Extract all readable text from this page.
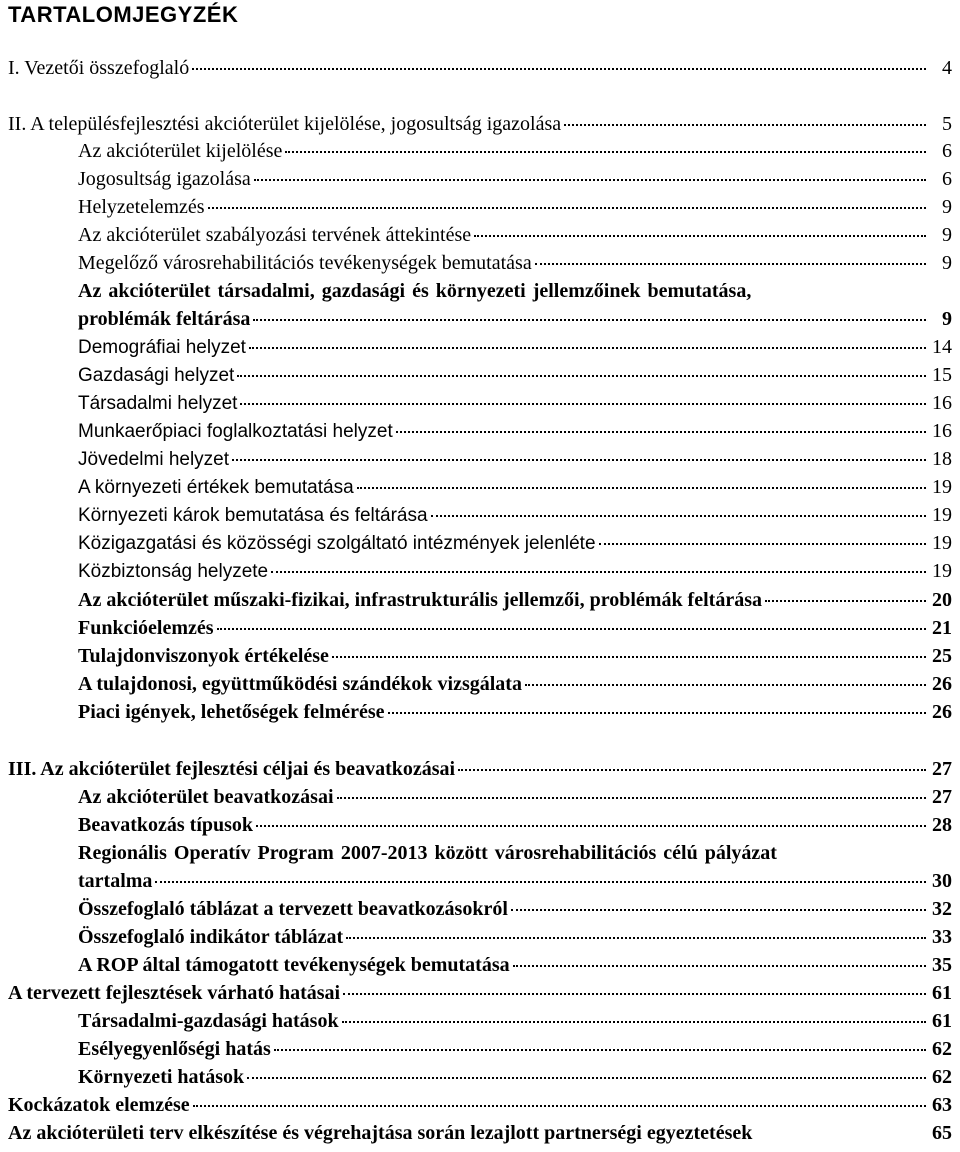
TARTALOMJEGYZÉK
I. Vezetői összefoglaló	4
II. A településfejlesztési akcióterület kijelölése, jogosultság igazolása	5
Az akcióterület kijelölése	6
Jogosultság igazolása	6
Helyzetelemzés	9
Az akcióterület szabályozási tervének áttekintése	9
Megelőző városrehabilitációs tevékenységek bemutatása	9
Az akcióterület társadalmi, gazdasági és környezeti jellemzőinek bemutatása,
problémák feltárása	9
Demográfiai helyzet	14
Gazdasági helyzet	15
Társadalmi helyzet	16
Munkaerőpiaci foglalkoztatási helyzet	16
Jövedelmi helyzet	18
A környezeti értékek bemutatása	19
Környezeti károk bemutatása és feltárása	19
Közigazgatási és közösségi szolgáltató intézmények jelenléte	19
Közbiztonság helyzete	19
Az akcióterület műszaki-fizikai, infrastrukturális jellemzői, problémák feltárása	20
Funkcióelemzés	21
Tulajdonviszonyok értékelése	25
A tulajdonosi, együttműködési szándékok vizsgálata	26
Piaci igények, lehetőségek felmérése	26
III. Az akcióterület fejlesztési céljai és beavatkozásai	27
Az akcióterület beavatkozásai	27
Beavatkozás típusok	28
Regionális Operatív Program 2007-2013 között városrehabilitációs célú pályázat
tartalma	30
Összefoglaló táblázat a tervezett beavatkozásokról	32
Összefoglaló indikátor táblázat	33
A ROP által támogatott tevékenységek bemutatása	35
A tervezett fejlesztések várható hatásai	61
Társadalmi-gazdasági hatások	61
Esélyegyenlőségi hatás	62
Környezeti hatások	62
Kockázatok elemzése	63
Az akcióterületi terv elkészítése és végrehajtása során lezajlott partnerségi egyeztetések	65
